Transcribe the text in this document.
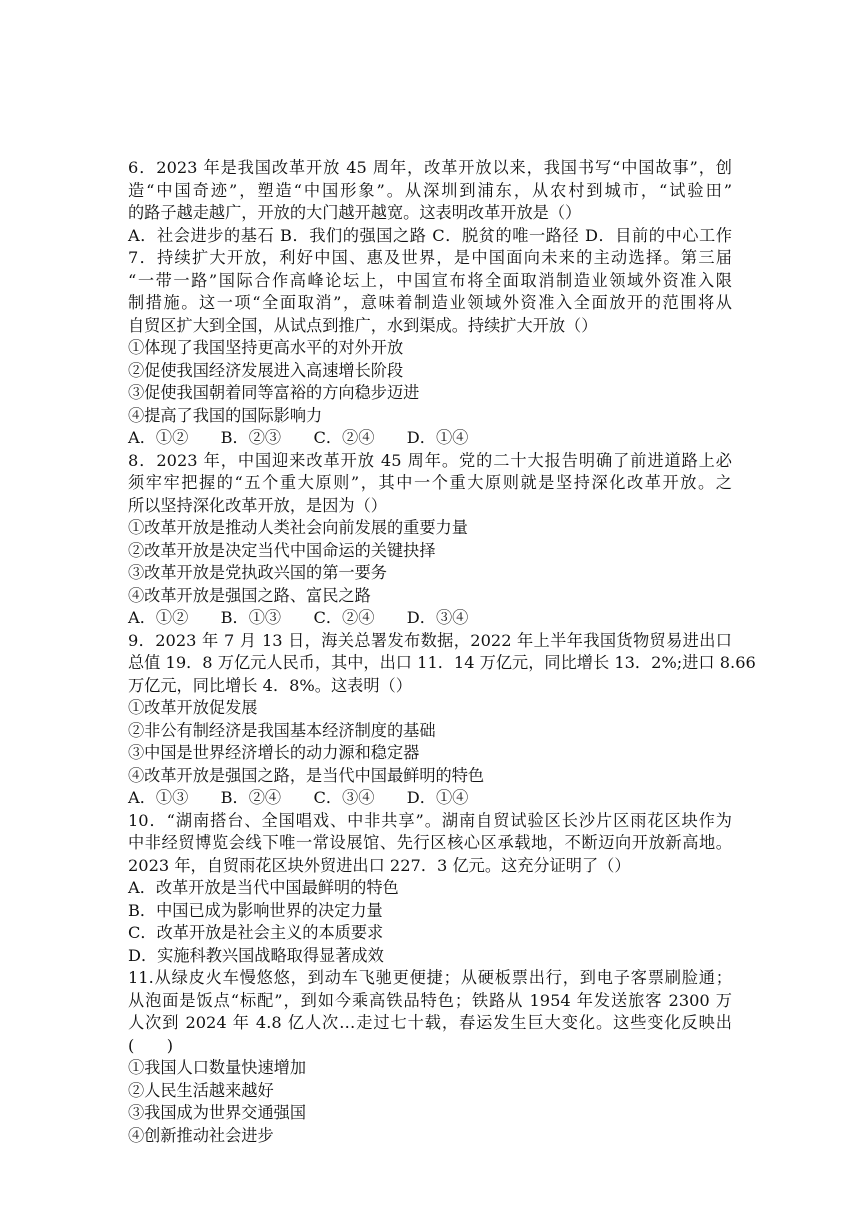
6．2023 年是我国改革开放 45 周年，改革开放以来，我国书写“中国故事”，创
造“中国奇迹”，塑造“中国形象”。从深圳到浦东，从农村到城市，“试验田”
的路子越走越广，开放的大门越开越宽。这表明改革开放是（）
A．社会进步的基石 B．我们的强国之路 C．脱贫的唯一路径 D．目前的中心工作
7．持续扩大开放，利好中国、惠及世界，是中国面向未来的主动选择。第三届
“一带一路”国际合作高峰论坛上，中国宣布将全面取消制造业领域外资准入限
制措施。这一项“全面取消”，意味着制造业领域外资准入全面放开的范围将从
自贸区扩大到全国，从试点到推广，水到渠成。持续扩大开放（）
①体现了我国坚持更高水平的对外开放
②促使我国经济发展进入高速增长阶段
③促使我国朝着同等富裕的方向稳步迈进
④提高了我国的国际影响力
A．①②　　B．②③　　C．②④　　D．①④
8．2023 年，中国迎来改革开放 45 周年。党的二十大报告明确了前进道路上必
须牢牢把握的“五个重大原则”，其中一个重大原则就是坚持深化改革开放。之
所以坚持深化改革开放，是因为（）
①改革开放是推动人类社会向前发展的重要力量
②改革开放是决定当代中国命运的关键抉择
③改革开放是党执政兴国的第一要务
④改革开放是强国之路、富民之路
A．①②　　B．①③　　C．②④　　D．③④
9．2023 年 7 月 13 日，海关总署发布数据，2022 年上半年我国货物贸易进出口
总值 19．8 万亿元人民币，其中，出口 11．14 万亿元，同比增长 13．2%;进口 8.66
万亿元，同比增长 4．8%。这表明（）
①改革开放促发展
②非公有制经济是我国基本经济制度的基础
③中国是世界经济增长的动力源和稳定器
④改革开放是强国之路，是当代中国最鲜明的特色
A．①③　　B．②④　　C．③④　　D．①④
10．“湖南搭台、全国唱戏、中非共享”。湖南自贸试验区长沙片区雨花区块作为
中非经贸博览会线下唯一常设展馆、先行区核心区承载地，不断迈向开放新高地。
2023 年，自贸雨花区块外贸进出口 227．3 亿元。这充分证明了（）
A．改革开放是当代中国最鲜明的特色
B．中国已成为影响世界的决定力量
C．改革开放是社会主义的本质要求
D．实施科教兴国战略取得显著成效
11.从绿皮火车慢悠悠，到动车飞驰更便捷；从硬板票出行，到电子客票刷脸通；
从泡面是饭点“标配”，到如今乘高铁品特色；铁路从 1954 年发送旅客 2300 万
人次到 2024 年 4.8 亿人次…走过七十载，春运发生巨大变化。这些变化反映出
(　　)
①我国人口数量快速增加
②人民生活越来越好
③我国成为世界交通强国
④创新推动社会进步
